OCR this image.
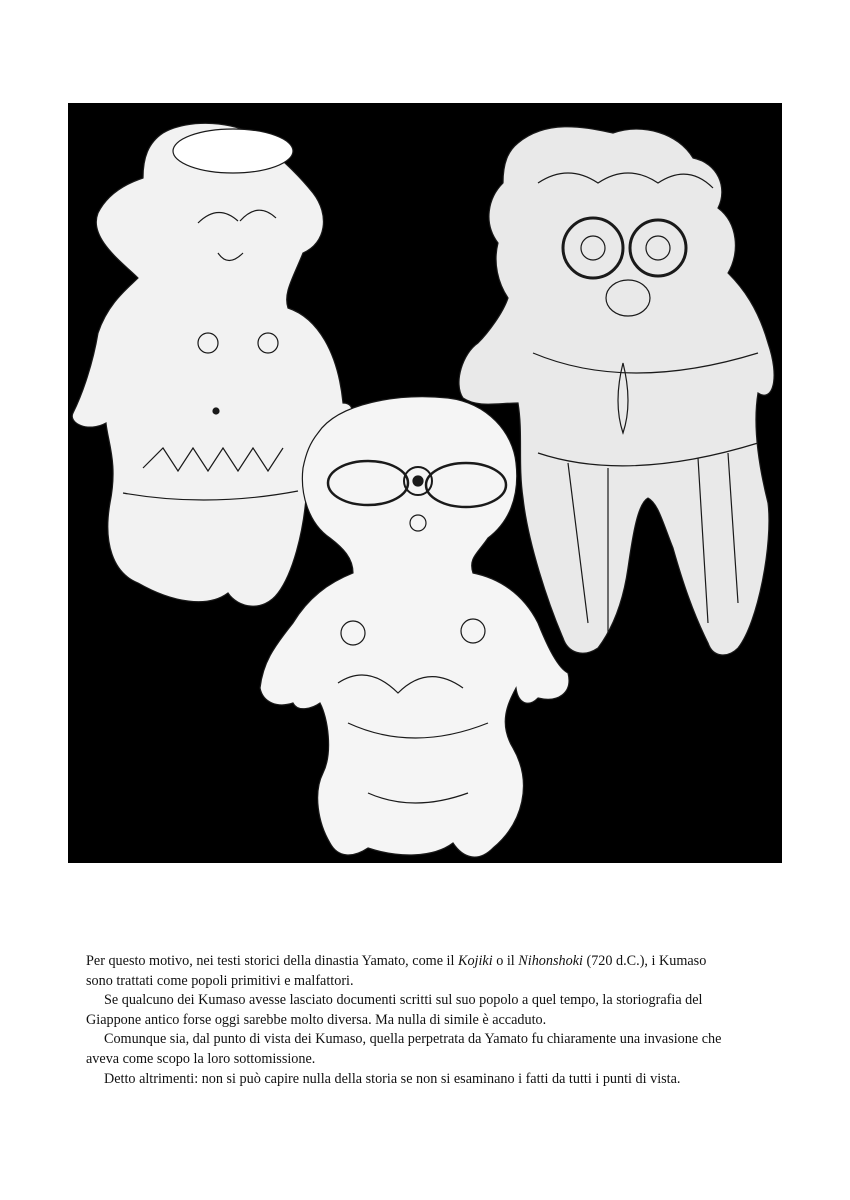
Per questo motivo, nei testi storici della dinastia Yamato, come il Kojiki o il Nihonshoki (720 d.C.), i Kumaso sono trattati come popoli primitivi e malfattori.

Se qualcuno dei Kumaso avesse lasciato documenti scritti sul suo popolo a quel tempo, la storiografia del Giappone antico forse oggi sarebbe molto diversa. Ma nulla di simile è accaduto.

Comunque sia, dal punto di vista dei Kumaso, quella perpetrata da Yamato fu chiaramente una invasione che aveva come scopo la loro sottomissione.

Detto altrimenti: non si può capire nulla della storia se non si esaminano i fatti da tutti i punti di vista.
